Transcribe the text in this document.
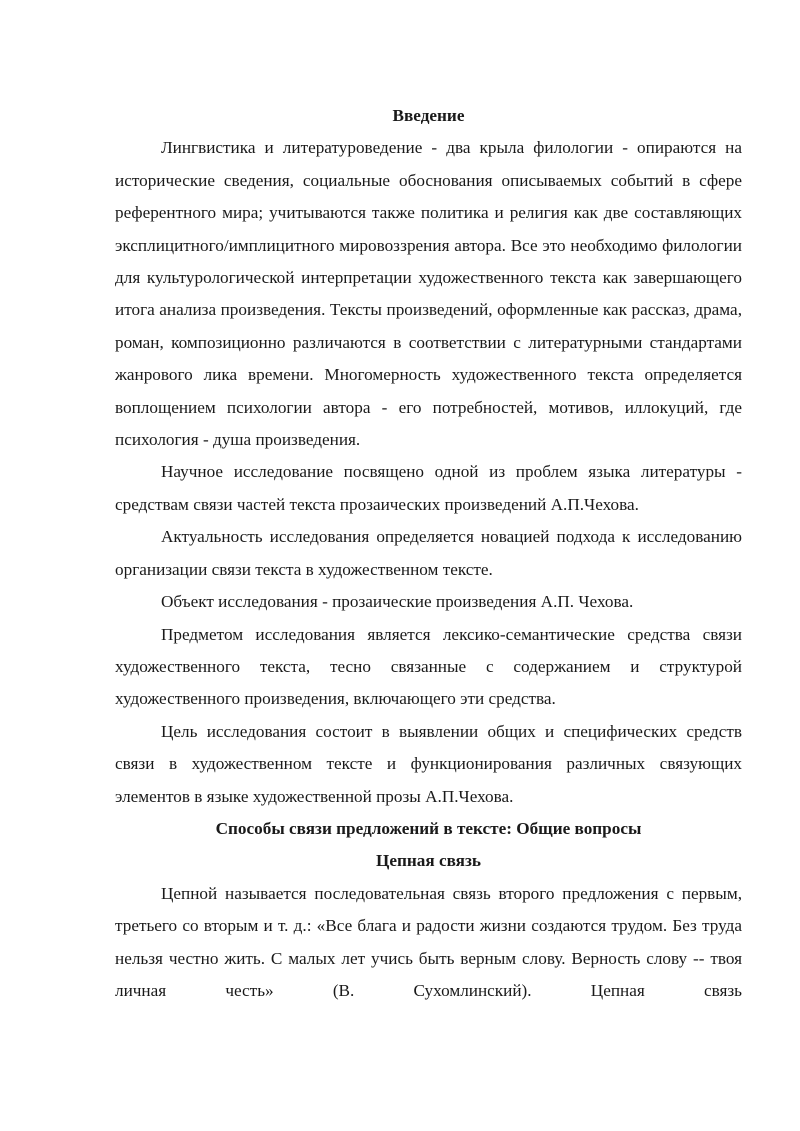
Введение

Лингвистика и литературоведение - два крыла филологии - опираются на исторические сведения, социальные обоснования описываемых событий в сфере референтного мира; учитываются также политика и религия как две составляющих эксплицитного/имплицитного мировоззрения автора. Все это необходимо филологии для культурологической интерпретации художественного текста как завершающего итога анализа произведения. Тексты произведений, оформленные как рассказ, драма, роман, композиционно различаются в соответствии с литературными стандартами жанрового лика времени. Многомерность художественного текста определяется воплощением психологии автора - его потребностей, мотивов, иллокуций, где психология - душа произведения.

Научное исследование посвящено одной из проблем языка литературы - средствам связи частей текста прозаических произведений А.П.Чехова.

Актуальность исследования определяется новацией подхода к исследованию организации связи текста в художественном тексте.

Объект исследования - прозаические произведения А.П. Чехова.

Предметом исследования является лексико-семантические средства связи художественного текста, тесно связанные с содержанием и структурой художественного произведения, включающего эти средства.

Цель исследования состоит в выявлении общих и специфических средств связи в художественном тексте и функционирования различных связующих элементов в языке художественной прозы А.П.Чехова.

Способы связи предложений в тексте: Общие вопросы

Цепная связь

Цепной называется последовательная связь второго предложения с первым, третьего со вторым и т. д.: «Все блага и радости жизни создаются трудом. Без труда нельзя честно жить. С малых лет учись быть верным слову. Верность слову -- твоя личная честь» (В. Сухомлинский). Цепная связь
